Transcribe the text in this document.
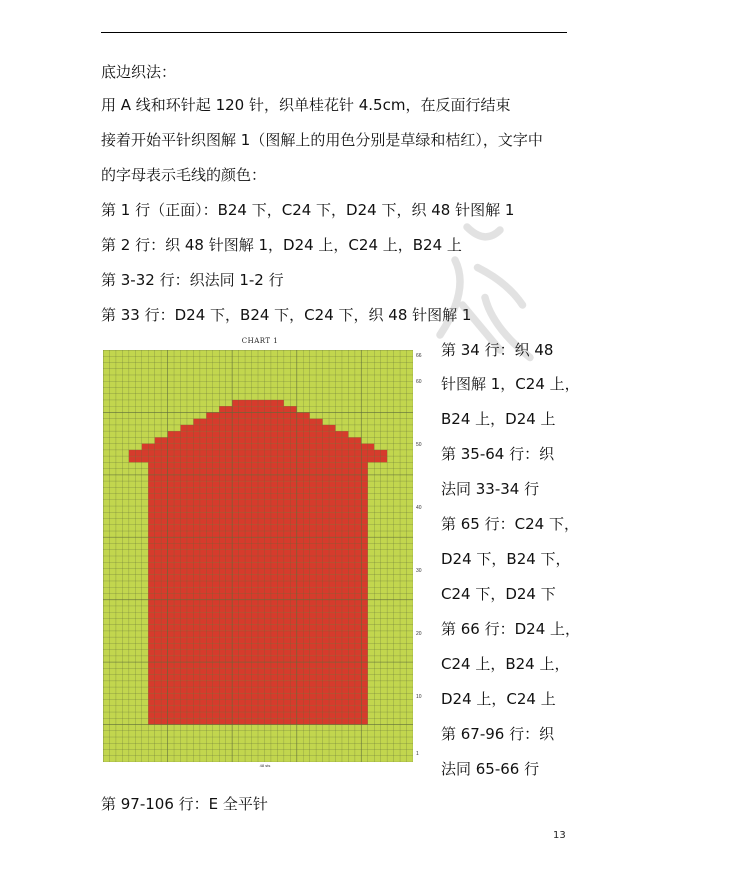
底边织法：
用 A 线和环针起 120 针，织单桂花针 4.5cm，在反面行结束
接着开始平针织图解 1（图解上的用色分别是草绿和桔红），文字中
的字母表示毛线的颜色：
第 1 行（正面）：B24 下，C24 下，D24 下，织 48 针图解 1
第 2 行：织 48 针图解 1，D24 上，C24 上，B24 上
第 3-32 行：织法同 1-2 行
第 33 行：D24 下，B24 下，C24 下，织 48 针图解 1
CHART 1
66
60
50
40
30
20
10
1
48 sts
第 34 行：织 48
针图解 1，C24 上，
B24 上，D24 上
第 35-64 行：织
法同 33-34 行
第 65 行：C24 下，
D24 下，B24 下，
C24 下，D24 下
第 66 行：D24 上，
C24 上，B24 上，
D24 上，C24 上
第 67-96 行：织
法同 65-66 行
第 97-106 行：E 全平针
13
